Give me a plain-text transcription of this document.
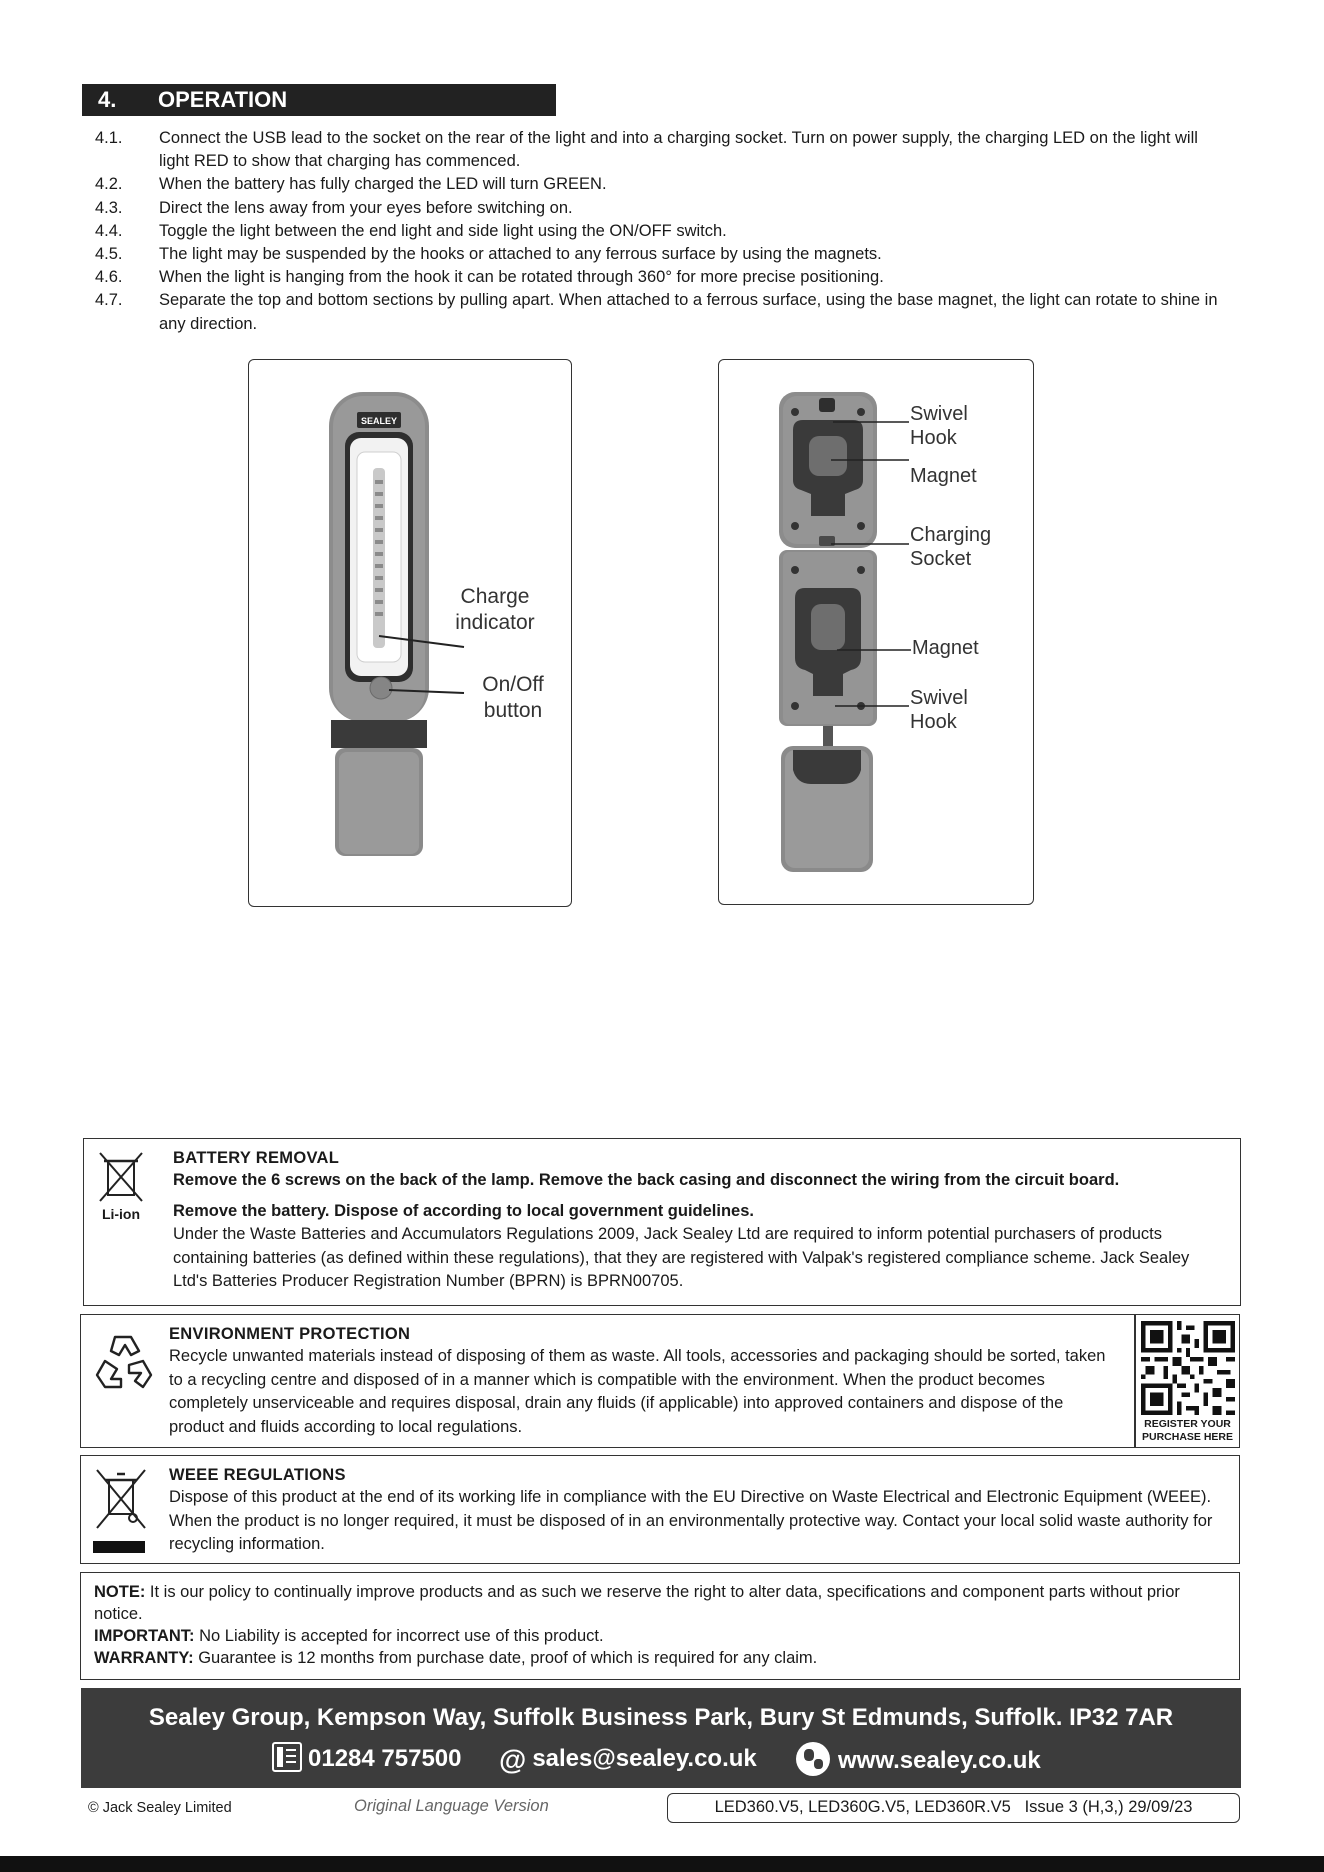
4. OPERATION
4.1. Connect the USB lead to the socket on the rear of the light and into a charging socket. Turn on power supply, the charging LED on the light will light RED to show that charging has commenced.
4.2. When the battery has fully charged the LED will turn GREEN.
4.3. Direct the lens away from your eyes before switching on.
4.4. Toggle the light between the end light and side light using the ON/OFF switch.
4.5. The light may be suspended by the hooks or attached to any ferrous surface by using the magnets.
4.6. When the light is hanging from the hook it can be rotated through 360° for more precise positioning.
4.7. Separate the top and bottom sections by pulling apart. When attached to a ferrous surface, using the base magnet, the light can rotate to shine in any direction.
SEALEY
Charge
indicator
On/Off
button
Swivel
Hook
Magnet
Charging
Socket
Magnet
Swivel
Hook
Li-ion
BATTERY REMOVAL

Remove the 6 screws on the back of the lamp. Remove the back casing and disconnect the wiring from the circuit board.

Remove the battery. Dispose of according to local government guidelines.

Under the Waste Batteries and Accumulators Regulations 2009, Jack Sealey Ltd are required to inform potential purchasers of products containing batteries (as defined within these regulations), that they are registered with Valpak's registered compliance scheme. Jack Sealey Ltd's Batteries Producer Registration Number (BPRN) is BPRN00705.

ENVIRONMENT PROTECTION

Recycle unwanted materials instead of disposing of them as waste. All tools, accessories and packaging should be sorted, taken to a recycling centre and disposed of in a manner which is compatible with the environment. When the product becomes completely unserviceable and requires disposal, drain any fluids (if applicable) into approved containers and dispose of the product and fluids according to local regulations.	REGISTER YOUR
PURCHASE HERE
WEEE REGULATIONS

Dispose of this product at the end of its working life in compliance with the EU Directive on Waste Electrical and Electronic Equipment (WEEE). When the product is no longer required, it must be disposed of in an environmentally protective way. Contact your local solid waste authority for recycling information.

NOTE: It is our policy to continually improve products and as such we reserve the right to alter data, specifications and component parts without prior notice.

IMPORTANT: No Liability is accepted for incorrect use of this product.

WARRANTY: Guarantee is 12 months from purchase date, proof of which is required for any claim.

Sealey Group, Kempson Way, Suffolk Business Park, Bury St Edmunds, Suffolk. IP32 7AR
01284 757500 @ sales@sealey.co.uk	www.sealey.co.uk
© Jack Sealey Limited	Original Language Version	LED360.V5, LED360G.V5, LED360R.V5   Issue 3 (H,3,) 29/09/23
